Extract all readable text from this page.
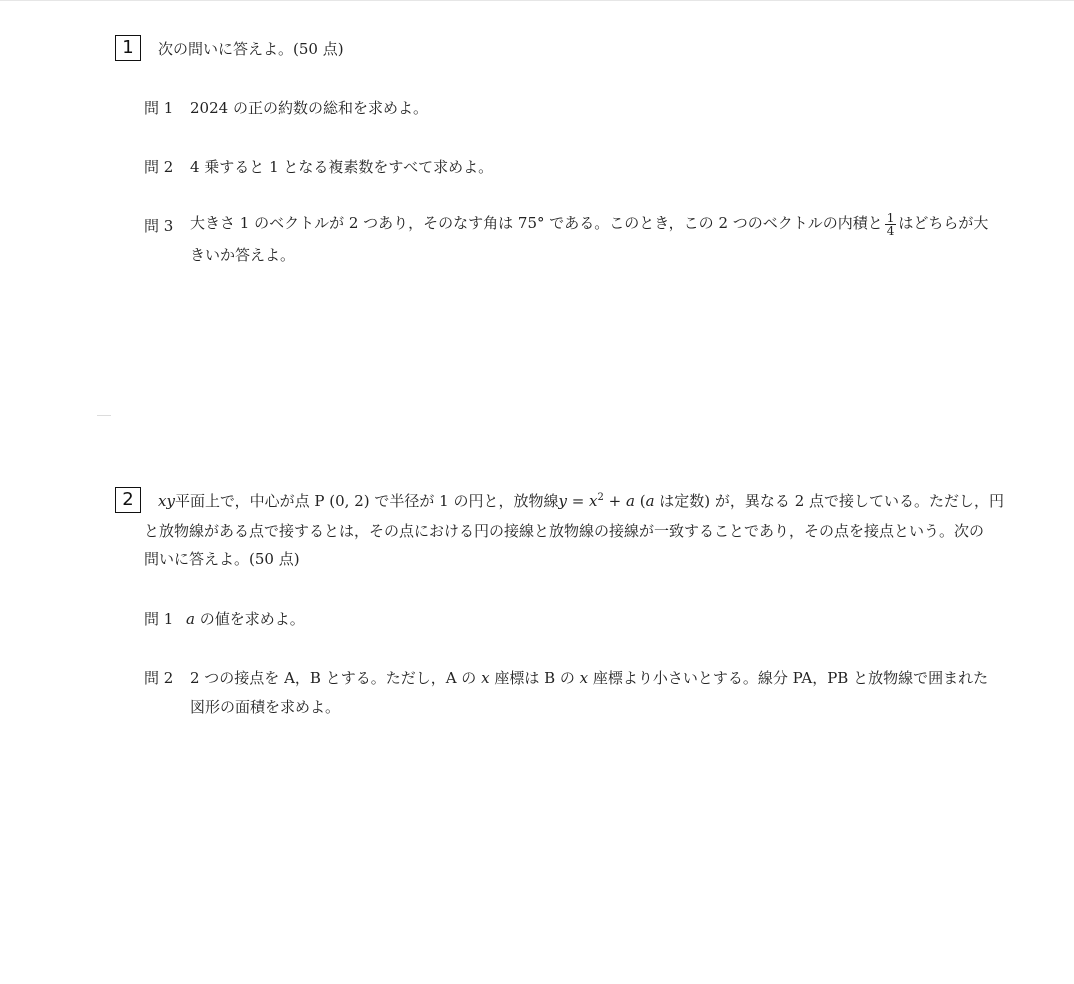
1	次の問いに答えよ。(50 点)
問 1 2024 の正の約数の総和を求めよ。
問 2 4 乗すると 1 となる複素数をすべて求めよ。
問 3 大きさ 1 のベクトルが 2 つあり，そのなす角は 75° である。このとき，この 2 つのベクトルの内積と $\frac{1}{4}$ はどちらが大
きいか答えよ。
2	xy平面上で，中心が点 P (0, 2) で半径が 1 の円と，放物線$y = x^2 + a$ (a は定数) が，異なる 2 点で接している。ただし，円
と放物線がある点で接するとは，その点における円の接線と放物線の接線が一致することであり，その点を接点という。次の
問いに答えよ。(50 点)
問 1 a の値を求めよ。
問 2 2 つの接点を A，B とする。ただし，A の x 座標は B の x 座標より小さいとする。線分 PA，PB と放物線で囲まれた
図形の面積を求めよ。
